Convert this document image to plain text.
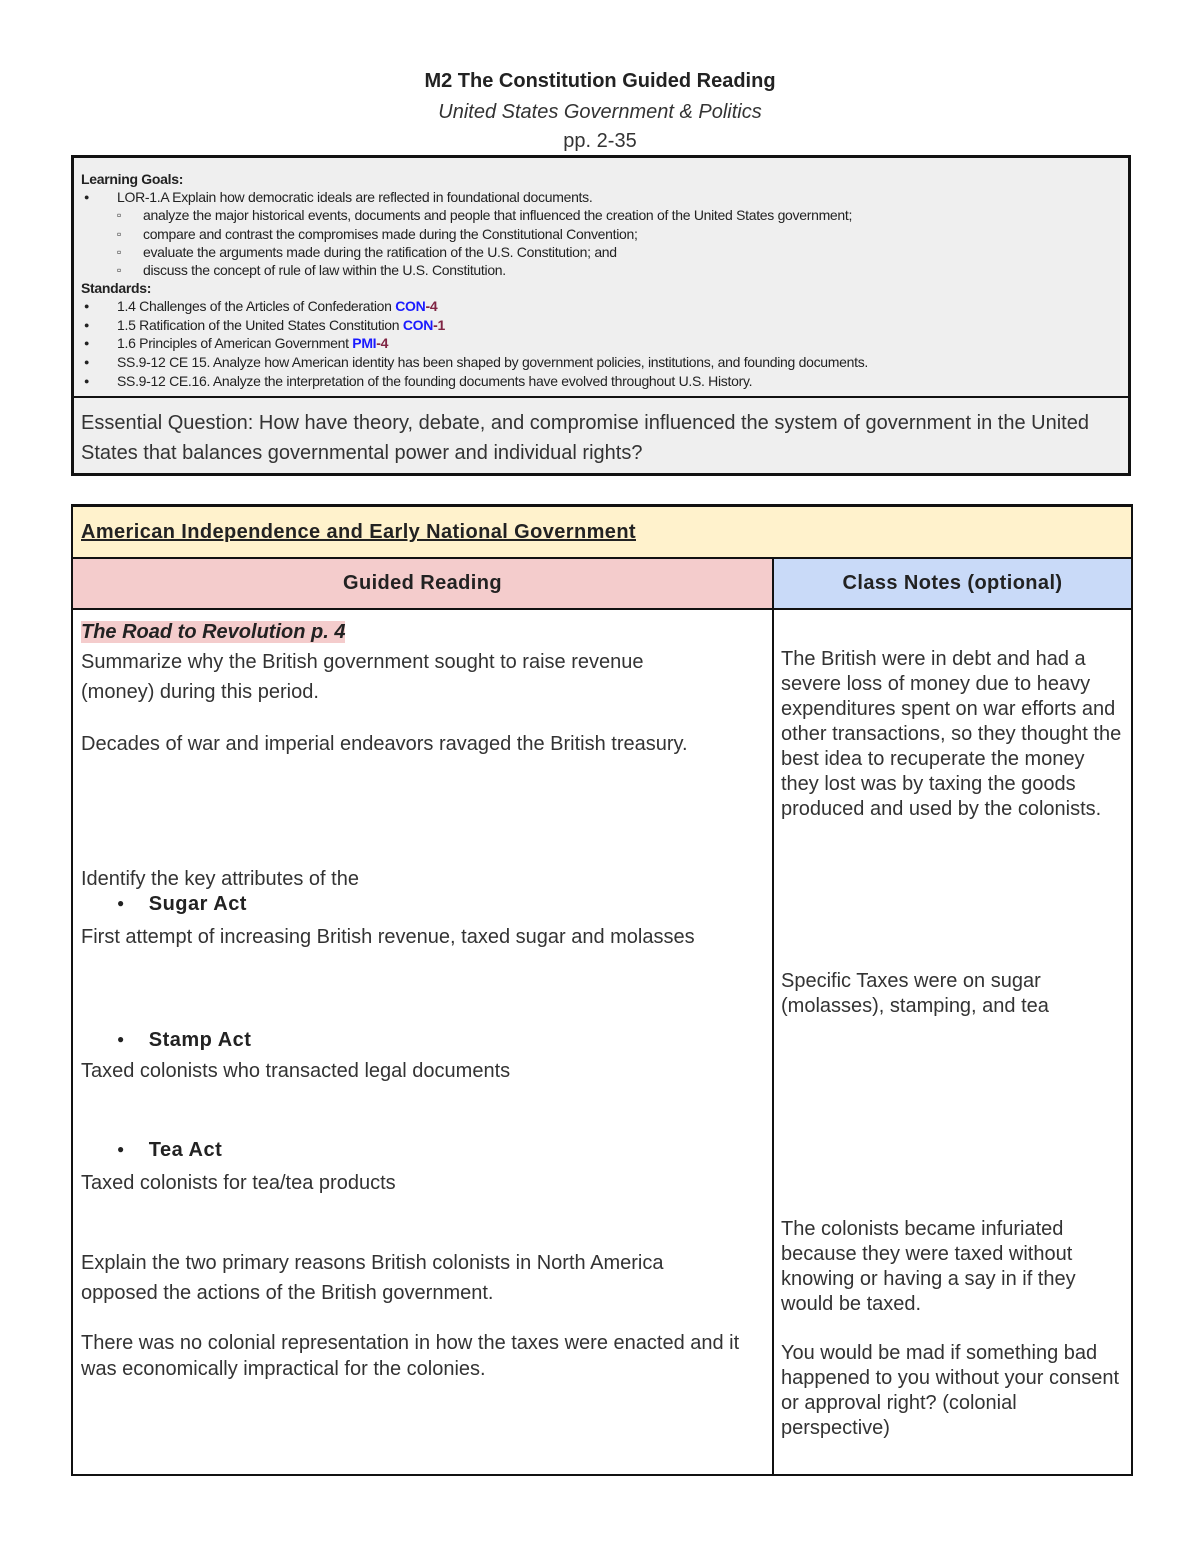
M2 The Constitution Guided Reading
United States Government & Politics
pp. 2-35
Learning Goals:
● LOR-1.A Explain how democratic ideals are reflected in foundational documents.
▫ analyze the major historical events, documents and people that influenced the creation of the United States government;
▫ compare and contrast the compromises made during the Constitutional Convention;
▫ evaluate the arguments made during the ratification of the U.S. Constitution; and
▫ discuss the concept of rule of law within the U.S. Constitution.
Standards:
● 1.4 Challenges of the Articles of Confederation CON-4
● 1.5 Ratification of the United States Constitution CON-1
● 1.6 Principles of American Government PMI-4
● SS.9-12 CE 15. Analyze how American identity has been shaped by government policies, institutions, and founding documents.
● SS.9-12 CE.16. Analyze the interpretation of the founding documents have evolved throughout U.S. History.
Essential Question: How have theory, debate, and compromise influenced the system of government in the United States that balances governmental power and individual rights?
American Independence and Early National Government
Guided Reading	Class Notes (optional)
The Road to Revolution p. 4
Summarize why the British government sought to raise revenue (money) during this period.
Decades of war and imperial endeavors ravaged the British treasury.
Identify the key attributes of the
● Sugar Act
First attempt of increasing British revenue, taxed sugar and molasses
● Stamp Act
Taxed colonists who transacted legal documents
● Tea Act
Taxed colonists for tea/tea products
Explain the two primary reasons British colonists in North America opposed the actions of the British government.
There was no colonial representation in how the taxes were enacted and it was economically impractical for the colonies.
The British were in debt and had a severe loss of money due to heavy expenditures spent on war efforts and other transactions, so they thought the best idea to recuperate the money they lost was by taxing the goods produced and used by the colonists.
Specific Taxes were on sugar (molasses), stamping, and tea
The colonists became infuriated because they were taxed without knowing or having a say in if they would be taxed.
You would be mad if something bad happened to you without your consent or approval right? (colonial perspective)
